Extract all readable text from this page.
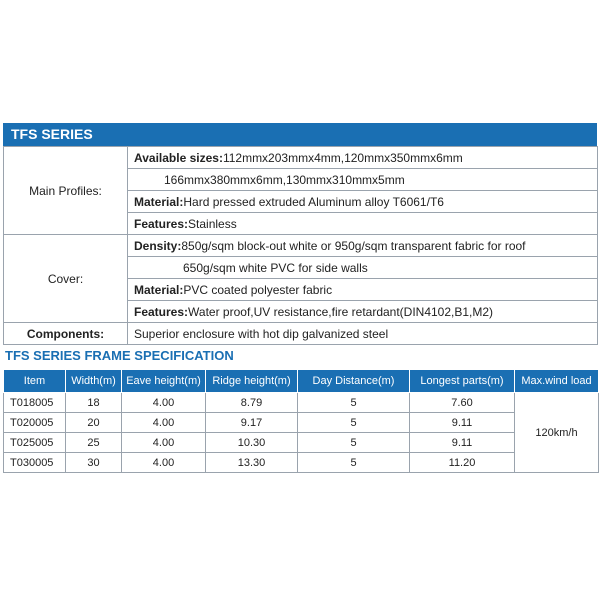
TFS SERIES
Main Profiles:	Available sizes:112mmx203mmx4mm,120mmx350mmx6mm
	166mmx380mmx6mm,130mmx310mmx5mm
	Material:Hard pressed extruded Aluminum alloy T6061/T6
	Features:Stainless
Cover:	Density:850g/sqm block-out white or 950g/sqm transparent fabric for roof
	650g/sqm white PVC for side walls
	Material:PVC coated polyester fabric
	Features:Water proof,UV resistance,fire retardant(DIN4102,B1,M2)
Components:	Superior enclosure with hot dip galvanized steel
TFS SERIES FRAME SPECIFICATION
Item	Width(m)	Eave height(m)	Ridge height(m)	Day Distance(m)	Longest parts(m)	Max.wind load
T018005	18	4.00	8.79	5	7.60	120km/h
T020005	20	4.00	9.17	5	9.11	
T025005	25	4.00	10.30	5	9.11	
T030005	30	4.00	13.30	5	11.20	
